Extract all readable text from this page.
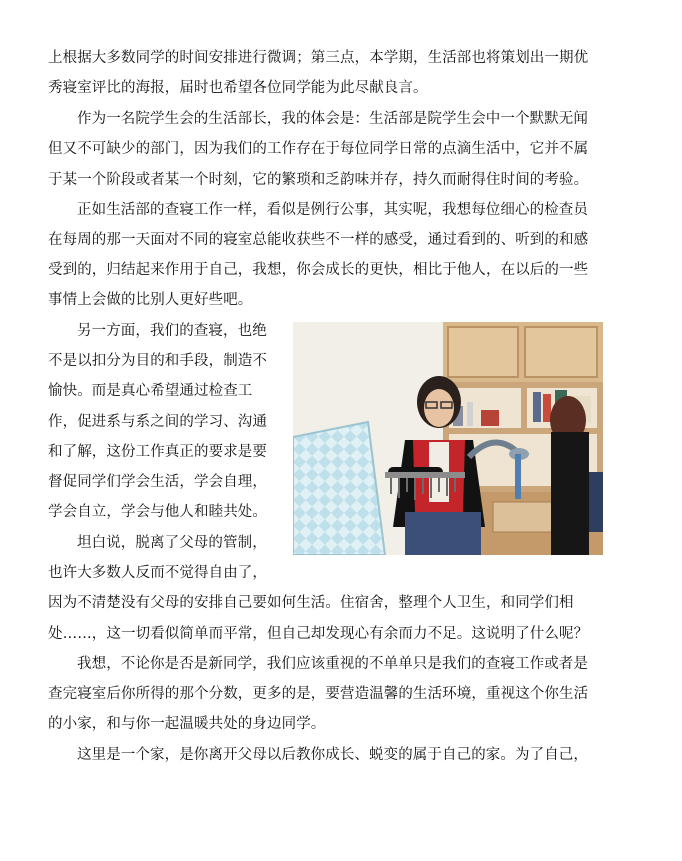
上根据大多数同学的时间安排进行微调；第三点，本学期，生活部也将策划出一期优
秀寝室评比的海报，届时也希望各位同学能为此尽献良言。
作为一名院学生会的生活部长，我的体会是：生活部是院学生会中一个默默无闻
但又不可缺少的部门，因为我们的工作存在于每位同学日常的点滴生活中，它并不属
于某一个阶段或者某一个时刻，它的繁琐和乏韵味并存，持久而耐得住时间的考验。
正如生活部的查寝工作一样，看似是例行公事，其实呢，我想每位细心的检查员
在每周的那一天面对不同的寝室总能收获些不一样的感受，通过看到的、听到的和感
受到的，归结起来作用于自己，我想，你会成长的更快，相比于他人，在以后的一些
事情上会做的比别人更好些吧。
另一方面，我们的查寝，也绝
不是以扣分为目的和手段，制造不
愉快。而是真心希望通过检查工
作，促进系与系之间的学习、沟通
和了解，这份工作真正的要求是要
督促同学们学会生活，学会自理，
学会自立，学会与他人和睦共处。
坦白说，脱离了父母的管制，
也许大多数人反而不觉得自由了，
因为不清楚没有父母的安排自己要如何生活。住宿舍，整理个人卫生，和同学们相
处……，这一切看似简单而平常，但自己却发现心有余而力不足。这说明了什么呢？
我想，不论你是否是新同学，我们应该重视的不单单只是我们的查寝工作或者是
查完寝室后你所得的那个分数，更多的是，要营造温馨的生活环境，重视这个你生活
的小家，和与你一起温暖共处的身边同学。
这里是一个家，是你离开父母以后教你成长、蜕变的属于自己的家。为了自己，
